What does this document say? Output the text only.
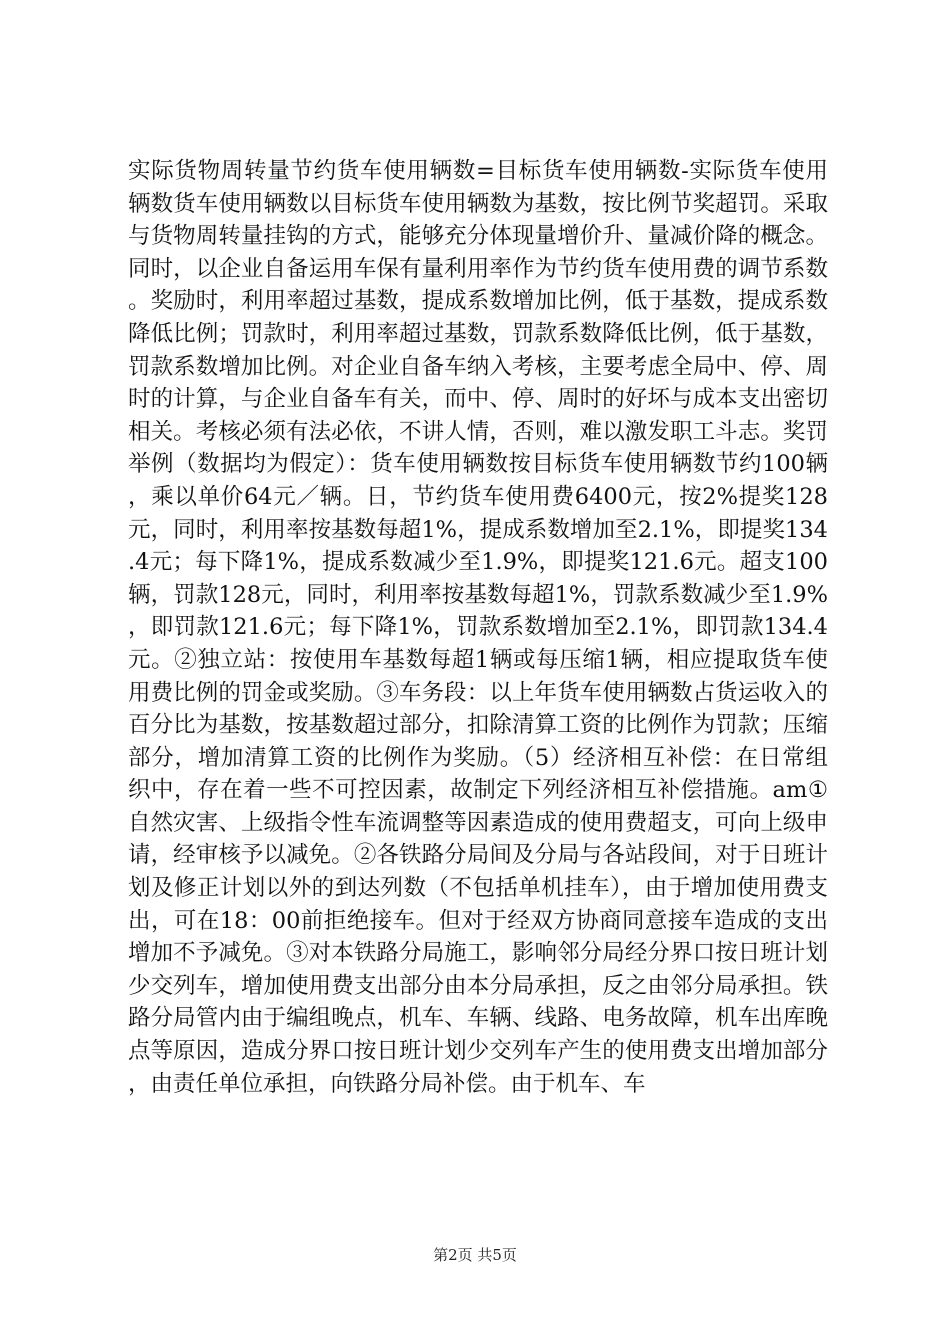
实际货物周转量节约货车使用辆数=目标货车使用辆数-实际货车使用辆数货车使用辆数以目标货车使用辆数为基数，按比例节奖超罚。采取与货物周转量挂钩的方式，能够充分体现量增价升、量减价降的概念。同时，以企业自备运用车保有量利用率作为节约货车使用费的调节系数。奖励时，利用率超过基数，提成系数增加比例，低于基数，提成系数降低比例；罚款时，利用率超过基数，罚款系数降低比例，低于基数，罚款系数增加比例。对企业自备车纳入考核，主要考虑全局中、停、周时的计算，与企业自备车有关，而中、停、周时的好坏与成本支出密切相关。考核必须有法必依，不讲人情，否则，难以激发职工斗志。奖罚举例（数据均为假定）：货车使用辆数按目标货车使用辆数节约100辆，乘以单价64元／辆。日，节约货车使用费6400元，按2%提奖128元，同时，利用率按基数每超1%，提成系数增加至2.1%，即提奖134.4元；每下降1%，提成系数减少至1.9%，即提奖121.6元。超支100辆，罚款128元，同时，利用率按基数每超1%，罚款系数减少至1.9%，即罚款121.6元；每下降1%，罚款系数增加至2.1%，即罚款134.4元。②独立站：按使用车基数每超1辆或每压缩1辆，相应提取货车使用费比例的罚金或奖励。③车务段：以上年货车使用辆数占货运收入的百分比为基数，按基数超过部分，扣除清算工资的比例作为罚款；压缩部分，增加清算工资的比例作为奖励。（5）经济相互补偿：在日常组织中，存在着一些不可控因素，故制定下列经济相互补偿措施。am①自然灾害、上级指令性车流调整等因素造成的使用费超支，可向上级申请，经审核予以减免。②各铁路分局间及分局与各站段间，对于日班计划及修正计划以外的到达列数（不包括单机挂车），由于增加使用费支出，可在18：00前拒绝接车。但对于经双方协商同意接车造成的支出增加不予减免。③对本铁路分局施工，影响邻分局经分界口按日班计划少交列车，增加使用费支出部分由本分局承担，反之由邻分局承担。铁路分局管内由于编组晚点，机车、车辆、线路、电务故障，机车出库晚点等原因，造成分界口按日班计划少交列车产生的使用费支出增加部分，由责任单位承担，向铁路分局补偿。由于机车、车

第2页 共5页
